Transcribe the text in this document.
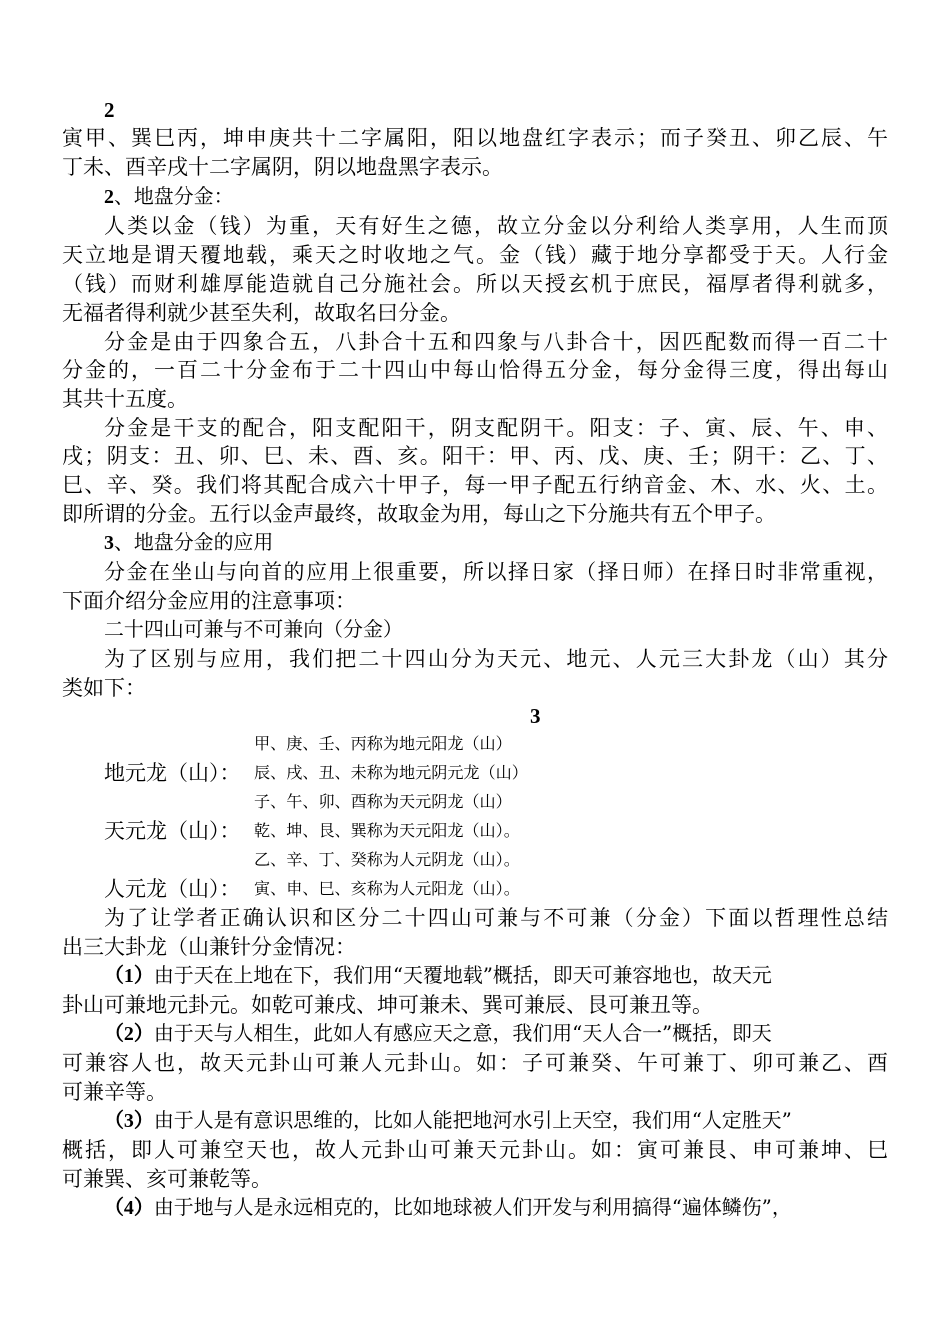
2
寅甲、巽巳丙，坤申庚共十二字属阳，阳以地盘红字表示；而子癸丑、卯乙辰、午
丁未、酉辛戌十二字属阴，阴以地盘黑字表示。
2、地盘分金：
人类以金（钱）为重，天有好生之德，故立分金以分利给人类享用，人生而顶
天立地是谓天覆地载，乘天之时收地之气。金（钱）藏于地分享都受于天。人行金
（钱）而财利雄厚能造就自己分施社会。所以天授玄机于庶民，福厚者得利就多，
无福者得利就少甚至失利，故取名曰分金。
分金是由于四象合五，八卦合十五和四象与八卦合十，因匹配数而得一百二十
分金的，一百二十分金布于二十四山中每山恰得五分金，每分金得三度，得出每山
其共十五度。
分金是干支的配合，阳支配阳干，阴支配阴干。阳支：子、寅、辰、午、申、
戌；阴支：丑、卯、巳、未、酉、亥。阳干：甲、丙、戊、庚、壬；阴干：乙、丁、
巳、辛、癸。我们将其配合成六十甲子，每一甲子配五行纳音金、木、水、火、土。
即所谓的分金。五行以金声最终，故取金为用，每山之下分施共有五个甲子。
3、地盘分金的应用
分金在坐山与向首的应用上很重要，所以择日家（择日师）在择日时非常重视，
下面介绍分金应用的注意事项：
二十四山可兼与不可兼向（分金）
为了区别与应用，我们把二十四山分为天元、地元、人元三大卦龙（山）其分
类如下：
3
甲、庚、壬、丙称为地元阳龙（山）
地元龙（山）： 辰、戌、丑、未称为地元阴元龙（山）
子、午、卯、酉称为天元阴龙（山）
天元龙（山）： 乾、坤、艮、巽称为天元阳龙（山）。
乙、辛、丁、癸称为人元阴龙（山）。
人元龙（山）： 寅、申、巳、亥称为人元阳龙（山）。
为了让学者正确认识和区分二十四山可兼与不可兼（分金）下面以哲理性总结
出三大卦龙（山兼针分金情况：
（1）由于天在上地在下，我们用“天覆地载”概括，即天可兼容地也，故天元
卦山可兼地元卦元。如乾可兼戌、坤可兼未、巽可兼辰、艮可兼丑等。
（2）由于天与人相生，此如人有感应天之意，我们用“天人合一”概括，即天
可兼容人也，故天元卦山可兼人元卦山。如：子可兼癸、午可兼丁、卯可兼乙、酉
可兼辛等。
（3）由于人是有意识思维的，比如人能把地河水引上天空，我们用“人定胜天”
概括，即人可兼空天也，故人元卦山可兼天元卦山。如：寅可兼艮、申可兼坤、巳
可兼巽、亥可兼乾等。
（4）由于地与人是永远相克的，比如地球被人们开发与利用搞得“遍体鳞伤”，
